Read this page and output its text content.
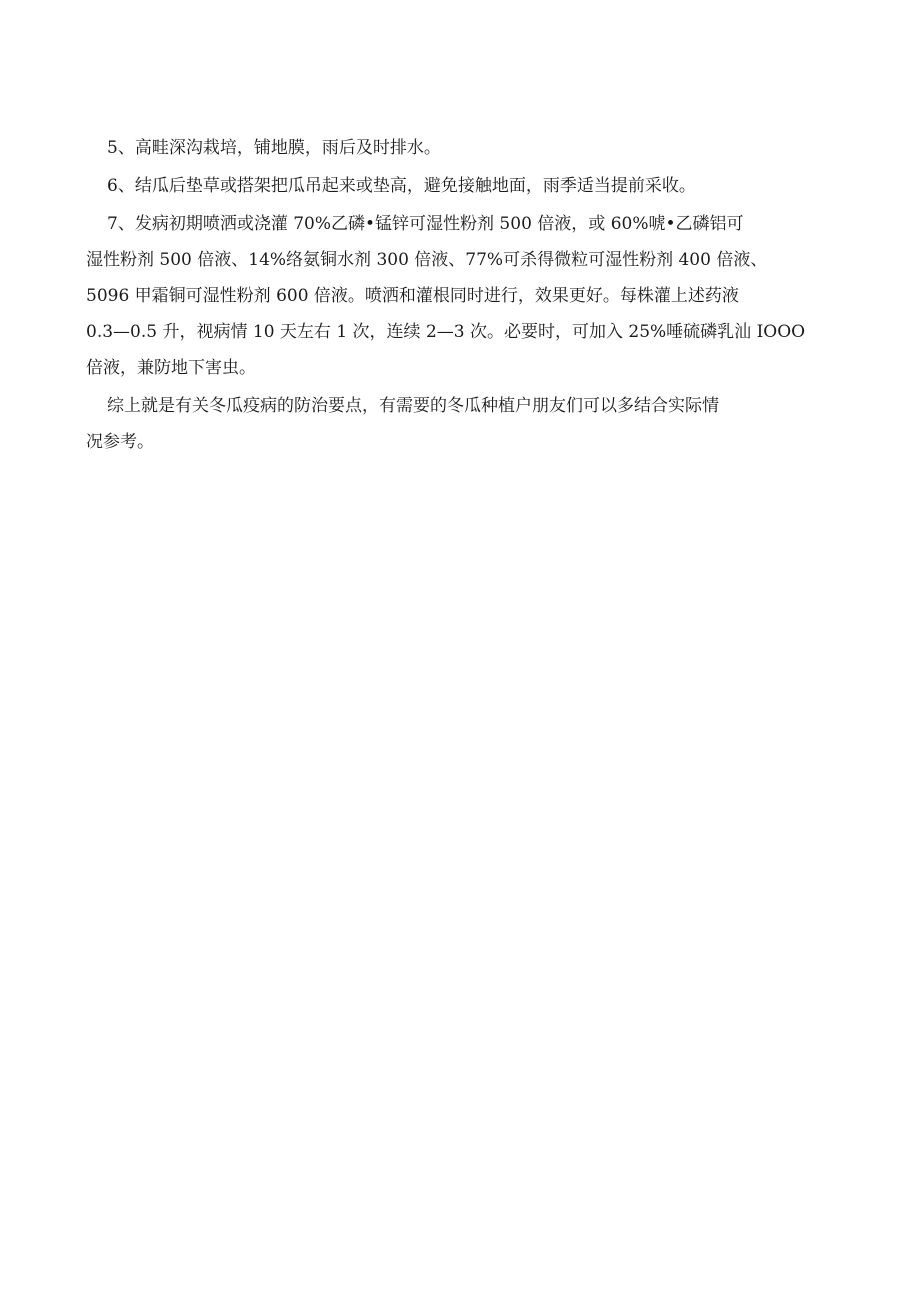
5、高畦深沟栽培，铺地膜，雨后及时排水。

6、结瓜后垫草或搭架把瓜吊起来或垫高，避免接触地面，雨季适当提前采收。

7、发病初期喷洒或浇灌 70%乙磷•锰锌可湿性粉剂 500 倍液，或 60%唬•乙磷铝可
湿性粉剂 500 倍液、14%络氨铜水剂 300 倍液、77%可杀得微粒可湿性粉剂 400 倍液、
5096 甲霜铜可湿性粉剂 600 倍液。喷洒和灌根同时进行，效果更好。每株灌上述药液
0.3—0.5 升，视病情 10 天左右 1 次，连续 2—3 次。必要时，可加入 25%唾硫磷乳汕 IOOO
倍液，兼防地下害虫。

综上就是有关冬瓜疫病的防治要点，有需要的冬瓜种植户朋友们可以多结合实际情
况参考。
